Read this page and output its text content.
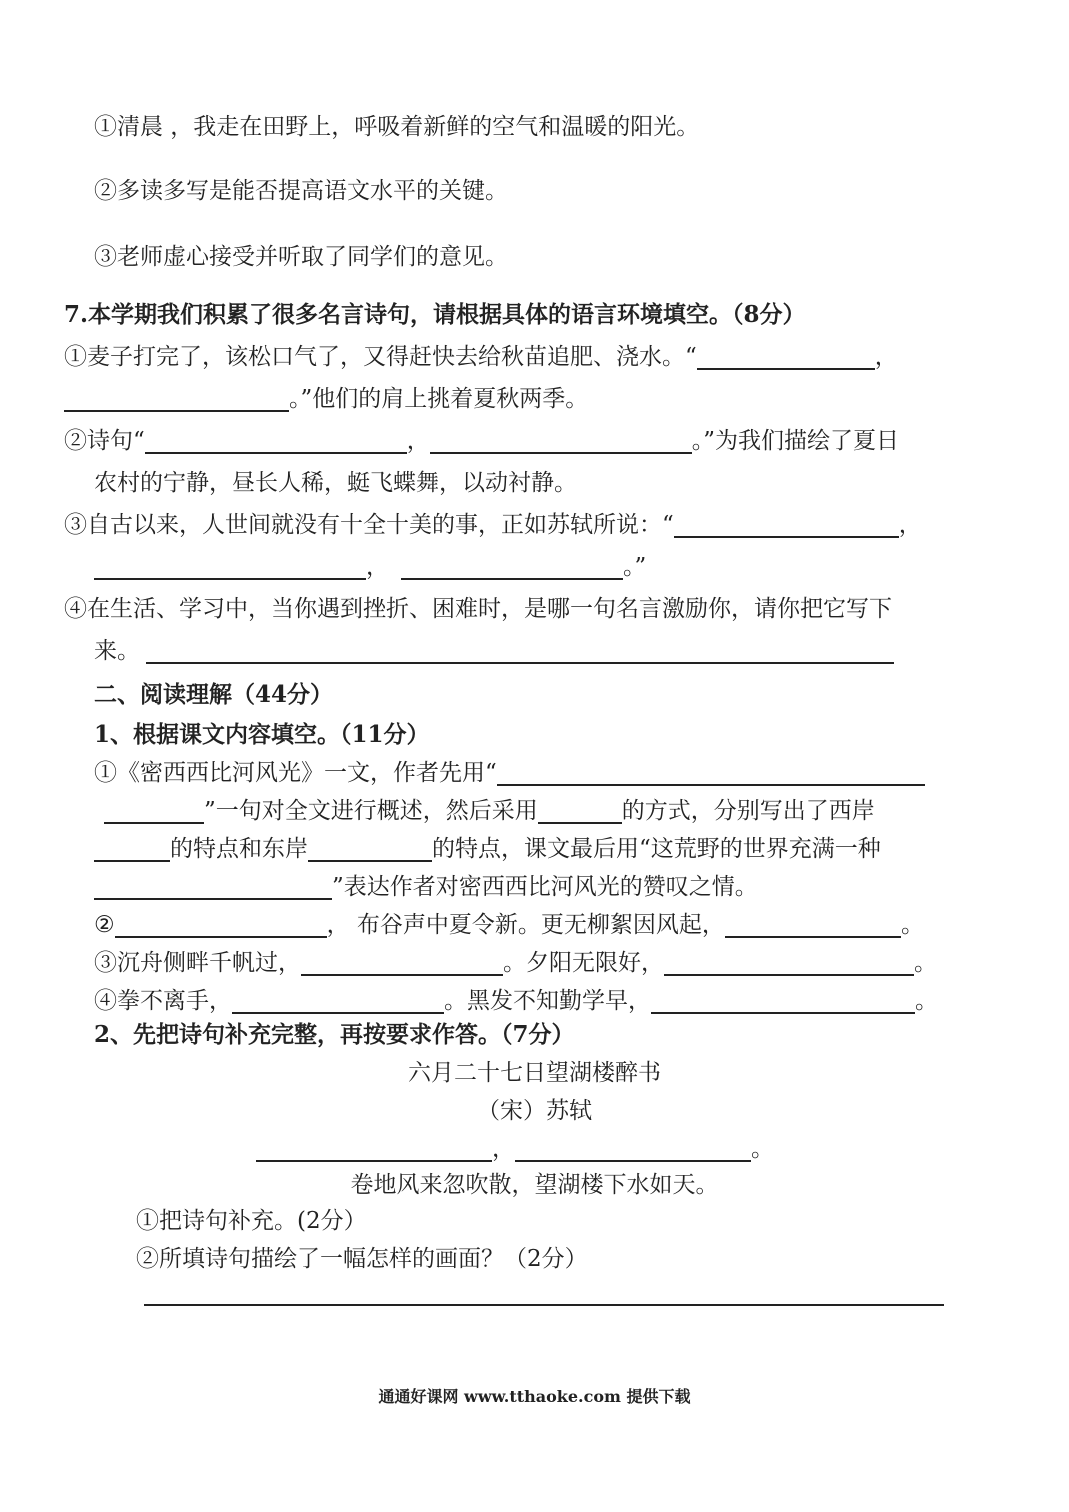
①清晨 ，我走在田野上，呼吸着新鲜的空气和温暖的阳光。
②多读多写是能否提高语文水平的关键。
③老师虚心接受并听取了同学们的意见。
7.本学期我们积累了很多名言诗句，请根据具体的语言环境填空。（8分）
①麦子打完了，该松口气了，又得赶快去给秋苗追肥、浇水。“	，
。”他们的肩上挑着夏秋两季。
②诗句“	，	。”为我们描绘了夏日
农村的宁静，昼长人稀，蜓飞蝶舞，以动衬静。
③自古以来，人世间就没有十全十美的事，正如苏轼所说：“	，
，	。”
④在生活、学习中，当你遇到挫折、困难时，是哪一句名言激励你，请你把它写下
来。
二、阅读理解（44分）
1、根据课文内容填空。（11分）
①《密西西比河风光》一文，作者先用“
”一句对全文进行概述，然后采用	的方式，分别写出了西岸
的特点和东岸	的特点，课文最后用“这荒野的世界充满一种
”表达作者对密西西比河风光的赞叹之情。
②	， 布谷声中夏令新。更无柳絮因风起，	。
③沉舟侧畔千帆过，	。夕阳无限好，	。
④拳不离手，	。黑发不知勤学早，	。
2、先把诗句补充完整，再按要求作答。（7分）
六月二十七日望湖楼醉书
（宋）苏轼
，	。
卷地风来忽吹散，望湖楼下水如天。
①把诗句补充。(2分）
②所填诗句描绘了一幅怎样的画面？（2分）
通通好课网 www.tthaoke.com 提供下载
